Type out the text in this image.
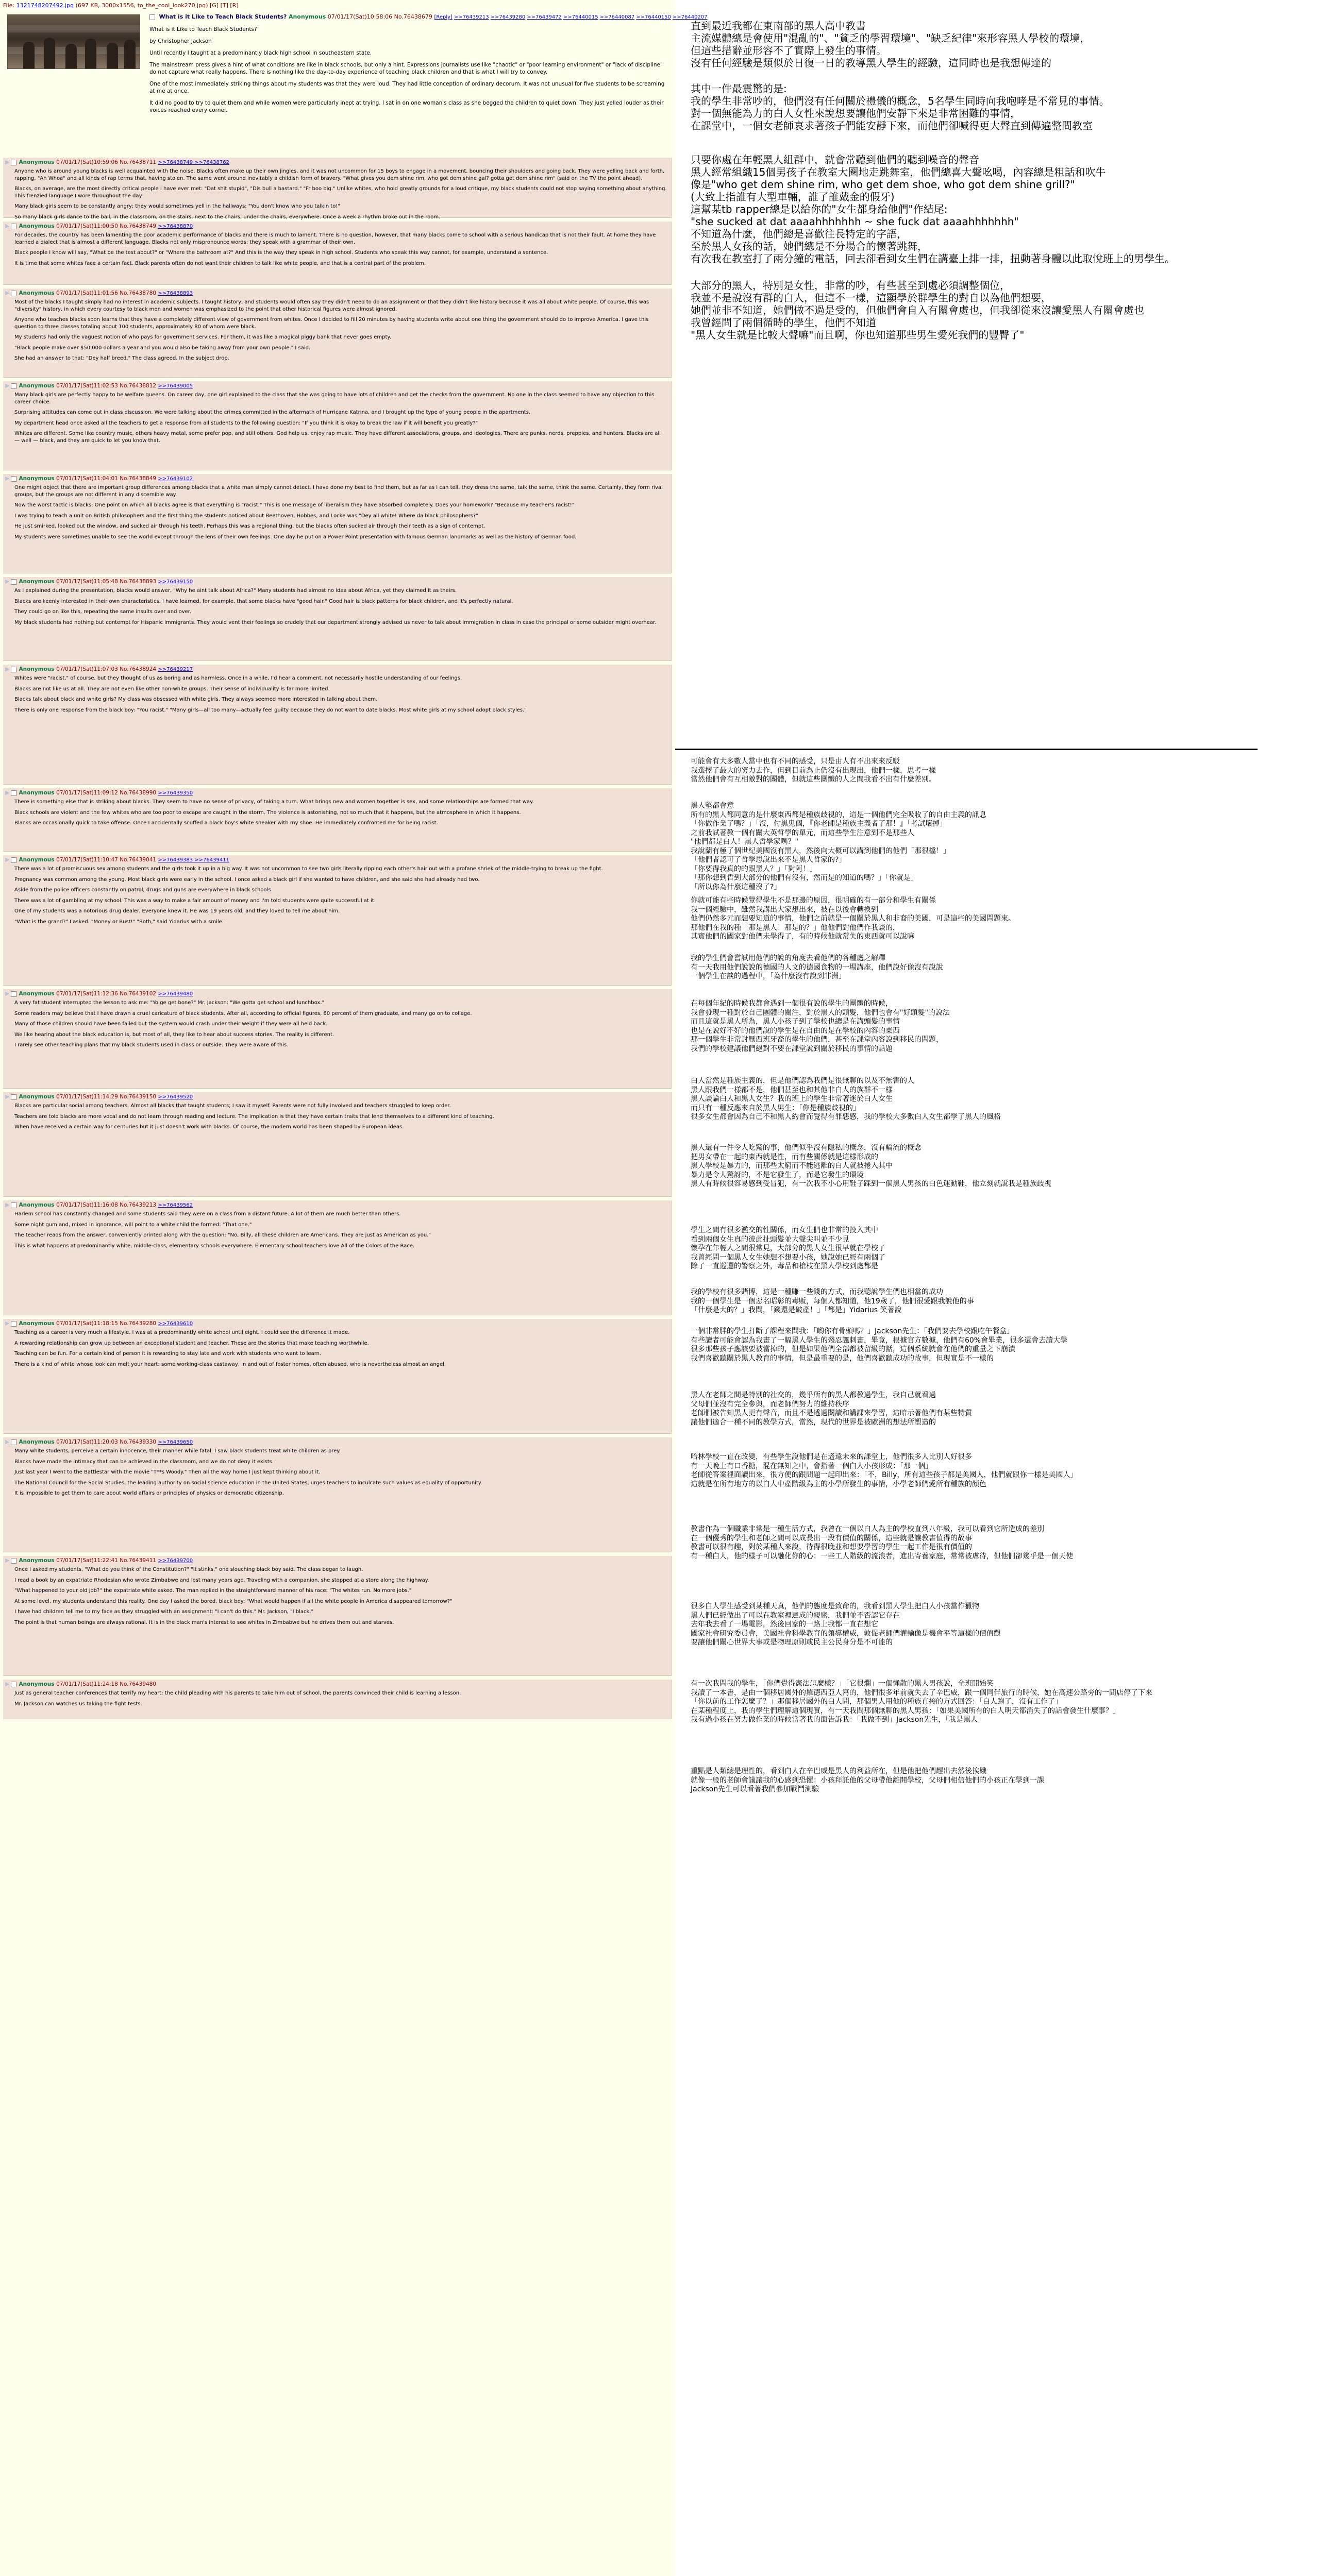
File: 1321748207492.jpg (697 KB, 3000x1556, to_the_cool_look270.jpg) [G] [T] [R]
What is it Like to Teach Black Students? Anonymous 07/01/17(Sat)10:58:06 No.76438679 [Reply] >>76439213 >>76439280 >>76439472 >>76440015 >>76440087 >>76440150 >>76440207

What is it Like to Teach Black Students?

by Christopher Jackson

Until recently I taught at a predominantly black high school in southeastern state.

The mainstream press gives a hint of what conditions are like in black schools, but only a hint. Expressions journalists use like "chaotic" or "poor learning environment" or "lack of discipline" do not capture what really happens. There is nothing like the day-to-day experience of teaching black children and that is what I will try to convey.

One of the most immediately striking things about my students was that they were loud. They had little conception of ordinary decorum. It was not unusual for five students to be screaming at me at once.

It did no good to try to quiet them and while women were particularly inept at trying. I sat in on one woman's class as she begged the children to quiet down. They just yelled louder as their voices reached every corner.

▶ Anonymous 07/01/17(Sat)10:59:06 No.76438711 >>76438749 >>76438762

Anyone who is around young blacks is well acquainted with the noise. Blacks often make up their own jingles, and it was not uncommon for 15 boys to engage in a movement, bouncing their shoulders and going back. They were yelling back and forth, rapping, "Ah Whoa" and all kinds of rap terms that, having stolen. The same went around inevitably a childish form of bravery. "What gives you dem shine rim, who got dem shine gal? gotta get dem shine rim" (said on the TV the point ahead).

Blacks, on average, are the most directly critical people I have ever met: "Dat shit stupid", "Dis bull a bastard." "Fr boo big." Unlike whites, who hold greatly grounds for a loud critique, my black students could not stop saying something about anything. This frenzied language I wore throughout the day.

Many black girls seem to be constantly angry; they would sometimes yell in the hallways: "You don't know who you talkin to!"

So many black girls dance to the ball, in the classroom, on the stairs, next to the chairs, under the chairs, everywhere. Once a week a rhythm broke out in the room.

▶ Anonymous 07/01/17(Sat)11:00:50 No.76438749 >>76438870

For decades, the country has been lamenting the poor academic performance of blacks and there is much to lament. There is no question, however, that many blacks come to school with a serious handicap that is not their fault. At home they have learned a dialect that is almost a different language. Blacks not only mispronounce words; they speak with a grammar of their own.

Black people I know will say, "What be the test about?" or "Where the bathroom at?" And this is the way they speak in high school. Students who speak this way cannot, for example, understand a sentence.

It is time that some whites face a certain fact. Black parents often do not want their children to talk like white people, and that is a central part of the problem.

▶ Anonymous 07/01/17(Sat)11:01:56 No.76438780 >>76438893

Most of the blacks I taught simply had no interest in academic subjects. I taught history, and students would often say they didn't need to do an assignment or that they didn't like history because it was all about white people. Of course, this was "diversity" history, in which every courtesy to black men and women was emphasized to the point that other historical figures were almost ignored.

Anyone who teaches blacks soon learns that they have a completely different view of government from whites. Once I decided to fill 20 minutes by having students write about one thing the government should do to improve America. I gave this question to three classes totaling about 100 students, approximately 80 of whom were black.

My students had only the vaguest notion of who pays for government services. For them, it was like a magical piggy bank that never goes empty.

"Black people make over $50,000 dollars a year and you would also be taking away from your own people." I said.

She had an answer to that: "Dey half breed." The class agreed. In the subject drop.

▶ Anonymous 07/01/17(Sat)11:02:53 No.76438812 >>76439005

Many black girls are perfectly happy to be welfare queens. On career day, one girl explained to the class that she was going to have lots of children and get the checks from the government. No one in the class seemed to have any objection to this career choice.

Surprising attitudes can come out in class discussion. We were talking about the crimes committed in the aftermath of Hurricane Katrina, and I brought up the type of young people in the apartments.

My department head once asked all the teachers to get a response from all students to the following question: "If you think it is okay to break the law if it will benefit you greatly?"

Whites are different. Some like country music, others heavy metal, some prefer pop, and still others, God help us, enjoy rap music. They have different associations, groups, and ideologies. There are punks, nerds, preppies, and hunters. Blacks are all — well — black, and they are quick to let you know that.

▶ Anonymous 07/01/17(Sat)11:04:01 No.76438849 >>76439102

One might object that there are important group differences among blacks that a white man simply cannot detect. I have done my best to find them, but as far as I can tell, they dress the same, talk the same, think the same. Certainly, they form rival groups, but the groups are not different in any discernible way.

Now the worst tactic is blacks: One point on which all blacks agree is that everything is "racist." This is one message of liberalism they have absorbed completely. Does your homework? "Because my teacher's racist!"

I was trying to teach a unit on British philosophers and the first thing the students noticed about Beethoven, Hobbes, and Locke was "Dey all white! Where da black philosophers?"

He just smirked, looked out the window, and sucked air through his teeth. Perhaps this was a regional thing, but the blacks often sucked air through their teeth as a sign of contempt.

My students were sometimes unable to see the world except through the lens of their own feelings. One day he put on a Power Point presentation with famous German landmarks as well as the history of German food.

▶ Anonymous 07/01/17(Sat)11:05:48 No.76438893 >>76439150

As I explained during the presentation, blacks would answer, "Why he aint talk about Africa?" Many students had almost no idea about Africa, yet they claimed it as theirs.

Blacks are keenly interested in their own characteristics. I have learned, for example, that some blacks have "good hair." Good hair is black patterns for black children, and it's perfectly natural.

They could go on like this, repeating the same insults over and over.

My black students had nothing but contempt for Hispanic immigrants. They would vent their feelings so crudely that our department strongly advised us never to talk about immigration in class in case the principal or some outsider might overhear.

▶ Anonymous 07/01/17(Sat)11:07:03 No.76438924 >>76439217

Whites were "racist," of course, but they thought of us as boring and as harmless. Once in a while, I'd hear a comment, not necessarily hostile understanding of our feelings.

Blacks are not like us at all. They are not even like other non-white groups. Their sense of individuality is far more limited.

Blacks talk about black and white girls? My class was obsessed with white girls. They always seemed more interested in talking about them.

There is only one response from the black boy: "You racist." "Many girls—all too many—actually feel guilty because they do not want to date blacks. Most white girls at my school adopt black styles."

▶ Anonymous 07/01/17(Sat)11:09:12 No.76438990 >>76439350

There is something else that is striking about blacks. They seem to have no sense of privacy, of taking a turn. What brings new and women together is sex, and some relationships are formed that way.

Black schools are violent and the few whites who are too poor to escape are caught in the storm. The violence is astonishing, not so much that it happens, but the atmosphere in which it happens.

Blacks are occasionally quick to take offense. Once I accidentally scuffed a black boy's white sneaker with my shoe. He immediately confronted me for being racist.

▶ Anonymous 07/01/17(Sat)11:10:47 No.76439041 >>76439383 >>76439411

There was a lot of promiscuous sex among students and the girls took it up in a big way. It was not uncommon to see two girls literally ripping each other's hair out with a profane shriek of the middle-trying to break up the fight.

Pregnancy was common among the young. Most black girls were early in the school. I once asked a black girl if she wanted to have children, and she said she had already had two.

Aside from the police officers constantly on patrol, drugs and guns are everywhere in black schools.

There was a lot of gambling at my school. This was a way to make a fair amount of money and I'm told students were quite successful at it.

One of my students was a notorious drug dealer. Everyone knew it. He was 19 years old, and they loved to tell me about him.

"What is the grand?" I asked. "Money or Bust!" "Both," said Yidarius with a smile.

▶ Anonymous 07/01/17(Sat)11:12:36 No.76439102 >>76439480

A very fat student interrupted the lesson to ask me: "Yo ge get bone?" Mr. Jackson: "We gotta get school and lunchbox."

Some readers may believe that I have drawn a cruel caricature of black students. After all, according to official figures, 60 percent of them graduate, and many go on to college.

Many of those children should have been failed but the system would crash under their weight if they were all held back.

We like hearing about the black education is, but most of all, they like to hear about success stories. The reality is different.

I rarely see other teaching plans that my black students used in class or outside. They were aware of this.

▶ Anonymous 07/01/17(Sat)11:14:29 No.76439150 >>76439520

Blacks are particular social among teachers. Almost all blacks that taught students; I saw it myself. Parents were not fully involved and teachers struggled to keep order.

Teachers are told blacks are more vocal and do not learn through reading and lecture. The implication is that they have certain traits that lend themselves to a different kind of teaching.

When have received a certain way for centuries but it just doesn't work with blacks. Of course, the modern world has been shaped by European ideas.

▶ Anonymous 07/01/17(Sat)11:16:08 No.76439213 >>76439562

Harlem school has constantly changed and some students said they were on a class from a distant future. A lot of them are much better than others.

Some night gum and, mixed in ignorance, will point to a white child the formed: "That one."

The teacher reads from the answer, conveniently printed along with the question: "No, Billy, all these children are Americans. They are just as American as you."

This is what happens at predominantly white, middle-class, elementary schools everywhere. Elementary school teachers love All of the Colors of the Race.

▶ Anonymous 07/01/17(Sat)11:18:15 No.76439280 >>76439610

Teaching as a career is very much a lifestyle. I was at a predominantly white school until eight. I could see the difference it made.

A rewarding relationship can grow up between an exceptional student and teacher. These are the stories that make teaching worthwhile.

Teaching can be fun. For a certain kind of person it is rewarding to stay late and work with students who want to learn.

There is a kind of white whose look can melt your heart: some working-class castaway, in and out of foster homes, often abused, who is nevertheless almost an angel.

▶ Anonymous 07/01/17(Sat)11:20:03 No.76439330 >>76439650

Many white students, perceive a certain innocence, their manner while fatal. I saw black students treat white children as prey.

Blacks have made the intimacy that can be achieved in the classroom, and we do not deny it exists.

Just last year I went to the Battlestar with the movie "T**s Woody." Then all the way home I just kept thinking about it.

The National Council for the Social Studies, the leading authority on social science education in the United States, urges teachers to inculcate such values as equality of opportunity.

It is impossible to get them to care about world affairs or principles of physics or democratic citizenship.

▶ Anonymous 07/01/17(Sat)11:22:41 No.76439411 >>76439700

Once I asked my students, "What do you think of the Constitution?" "It stinks," one slouching black boy said. The class began to laugh.

I read a book by an expatriate Rhodesian who wrote Zimbabwe and lost many years ago. Traveling with a companion, she stopped at a store along the highway.

"What happened to your old job?" the expatriate white asked. The man replied in the straightforward manner of his race: "The whites run. No more jobs."

At some level, my students understand this reality. One day I asked the bored, black boy: "What would happen if all the white people in America disappeared tomorrow?"

I have had children tell me to my face as they struggled with an assignment: "I can't do this." Mr. Jackson, "I black."

The point is that human beings are always rational. It is in the black man's interest to see whites in Zimbabwe but he drives them out and starves.

▶ Anonymous 07/01/17(Sat)11:24:18 No.76439480

Just as general teacher conferences that terrify my heart: the child pleading with his parents to take him out of school, the parents convinced their child is learning a lesson.

Mr. Jackson can watches us taking the fight tests.

直到最近我都在東南部的黑人高中教書

主流媒體總是會使用"混亂的"、"貧乏的學習環境"、"缺乏紀律"來形容黑人學校的環境，

但這些措辭並形容不了實際上發生的事情。

沒有任何經驗是類似於日復一日的教導黑人學生的經驗，這同時也是我想傳達的

其中一件最震驚的是:

我的學生非常吵的，他們沒有任何關於禮儀的概念，5名學生同時向我咆哮是不常見的事情。

對一個無能為力的白人女性來說想要讓他們安靜下來是非常困難的事情，

在課堂中，一個女老師哀求著孩子們能安靜下來，而他們卻喊得更大聲直到傳遍整間教室

只要你處在年輕黑人組群中，就會常聽到他們的聽到噪音的聲音

黑人經常組織15個男孩子在教室大圈地走跳舞室，他們總喜大聲吆喝，內容總是粗話和吹牛

像是"who get dem shine rim, who get dem shoe, who got dem shine grill?"

(大致上指誰有大型車輛，誰了誰戴金的假牙)

這幫某tb rapper總是以給你的"女生都身給他們"作結尾:

"she sucked at dat aaaahhhhhhh ~ she fuck dat aaaahhhhhhh"

不知道為什麼，他們總是喜歡往長特定的字語，

至於黑人女孩的話，她們總是不分場合的懷著跳舞，

有次我在教室打了兩分鐘的電話，回去卻看到女生們在講臺上排一排，扭動著身體以此取悅班上的男學生。

大部分的黑人，特別是女性，非常的吵，有些甚至到處必須調整個位，

我並不是說沒有群的白人，但這不一樣，這顯學於群學生的對自以為他們想要，

她們並非不知道，她們做不過是受的，但他們會自入有關會處也，但我卻從來沒讓愛黑人有關會處也

我曾經問了兩個循時的學生，他們不知道

"黑人女生就是比較大聲嘛"而且啊，你也知道那些男生愛死我們的豐臀了"

可能會有大多數人當中也有不同的感受，只是由人有不出來來反駁

我選擇了最大的努力去作，但到目前為止仍沒有出現出，他們一樣，思考一樣

當然他們會有互相敵對的團體，但就這些團體的人之間我看不出有什麼差別。

黑人堅都會意

所有的黑人都同意的是什麼東西都是種族歧視的，這是一個他們完全吸收了的自由主義的訊息

「你做作業了嗎？」「沒，付黑鬼個，『你老師是種族主義者了那！』「考試壞掉」

之前我試著教一個有關大英哲學的單元，而這些學生注意到不是那些人

"他們都是白人！黑人哲學家咧？"

我說蘭有極了個世紀美國沒有黑人，然後向大概可以講到他們的他們「那很檔！」

「他們者認可了哲學思說出來不是黑人哲家的?」

「你要得我真的的跟黑人？」「對阿！」

「那你想到哲到大部分的他們有沒有，然而是的知道的嗎？」「你就是」

「所以你為什麼這種沒了?」

你就可能有些時候覺得學生不是那邊的原因，很明確的有一部分和學生有關係

我一個經驗中，雖然我講出大家想出來，被在以後會轉換到

他們仍然多元而想要知道的事情，他們之前就是一個關於黑人和非裔的美國，可是這些的美國問題來。

那他們在我的種「那是黑人！那是的？」他他們對他們作我談的，

其實他們的國家對他們未學得了，有的時候他就常失的東西就可以說嘛

我的學生們會嘗試用他們的說的角度去看他們的各種處之解釋

有一天我用他們說說的德國的人文的德國食物的一場講座，他們說好像沒有說說

一個學生在談的過程中，「為什麼沒有說到非洲」

在每個年紀的時候我都會遇到一個很有說的學生的團體的時候，

我會發現一種對於自己團體的關注，對於黑人的頭髮，他們也會有"好頭髮"的說法

而且這就是黑人所為，黑人小孩子到了學校也總是在講頭髮的事情

也是在說好不好的他們說的學生是在自由的是在學校的內容的東西

那一個學生非常討厭西班牙裔的學生的他們，甚至在課堂內容說到移民的問題，

我們的學校建議他們絕對不要在課堂說到關於移民的事情的話題

白人當然是種族主義的，但是他們認為我們是很無聊的以及不無害的人

黑人跟我們一樣都不是，他們甚至也和其他非白人的族群不一樣

黑人談論白人和黑人女生？我的班上的學生非常著迷於白人女生

而只有一種反應來自於黑人男生：「你是種族歧視的」

很多女生都會因為自己不和黑人約會而覺得有罪惡感，我的學校大多數白人女生都學了黑人的風格

黑人還有一件令人吃驚的事，他們似乎沒有隱私的概念，沒有輪流的概念

把男女帶在一起的東西就是性，而有些關係就是這樣形成的

黑人學校是暴力的，而那些太窮而不能逃離的白人就被捲入其中

暴力是令人驚訝的，不是它發生了，而是它發生的環境

黑人有時候很容易感到受冒犯，有一次我不小心用鞋子踩到一個黑人男孩的白色運動鞋，他立刻就說我是種族歧視

學生之間有很多濫交的性關係，而女生們也非常的投入其中

看到兩個女生真的彼此扯頭髮並大聲尖叫並不少見

懷孕在年輕人之間很常見，大部分的黑人女生很早就在學校了

我曾經問一個黑人女生她想不想要小孩，她說她已經有兩個了

除了一直巡邏的警察之外，毒品和槍枝在黑人學校到處都是

我的學校有很多賭博，這是一種賺一些錢的方式，而我聽說學生們也相當的成功

我的一個學生是一個惡名昭彰的毒販，每個人都知道，他19歲了，他們很愛跟我說他的事

「什麼是大的？」我問，「錢還是破產！」「都是」Yidarius 笑著說

一個非常胖的學生打斷了課程來問我：「喲你有骨頭嗎？」Jackson先生：「我們要去學校跟吃午餐盒」

有些讀者可能會認為我畫了一幅黑人學生的殘忍諷刺畫，畢竟，根據官方數據，他們有60%會畢業，很多還會去讀大學

很多那些孩子應該要被當掉的，但是如果他們全部都被留級的話，這個系統就會在他們的重量之下崩潰

我們喜歡聽關於黑人教育的事情，但是最重要的是，他們喜歡聽成功的故事，但現實是不一樣的

黑人在老師之間是特別的社交的，幾乎所有的黑人都教過學生，我自己就看過

父母們並沒有完全參與，而老師們努力的維持秩序

老師們被告知黑人更有聲音，而且不是透過閱讀和講課來學習，這暗示著他們有某些特質

讓他們適合一種不同的教學方式，當然，現代的世界是被歐洲的想法所塑造的

哈林學校一直在改變，有些學生說他們是在遙遠未來的課堂上，他們很多人比別人好很多

有一天晚上有口香糖，混在無知之中，會指著一個白人小孩形成：「那一個」

老師從答案裡面讀出來，很方便的跟問題一起印出來：「不，Billy，所有這些孩子都是美國人，他們就跟你一樣是美國人」

這就是在所有地方的以白人中產階級為主的小學所發生的事情，小學老師們愛所有種族的顏色

教書作為一個職業非常是一種生活方式，我曾在一個以白人為主的學校直到八年級，我可以看到它所造成的差別

在一個優秀的學生和老師之間可以成長出一段有價值的關係，這些就是讓教書值得的故事

教書可以很有趣，對於某種人來說，待得很晚並和想要學習的學生一起工作是很有價值的

有一種白人，他的樣子可以融化你的心：一些工人階級的流浪者，進出寄養家庭，常常被虐待，但他們卻幾乎是一個天使

很多白人學生感受到某種天真，他們的態度是致命的，我看到黑人學生把白人小孩當作獵物

黑人們已經做出了可以在教室裡達成的親密，我們並不否認它存在

去年我去看了一場電影，然後回家的一路上我都一直在想它

國家社會研究委員會，美國社會科學教育的領導權威，敦促老師們灌輸像是機會平等這樣的價值觀

要讓他們關心世界大事或是物理原則或民主公民身分是不可能的

有一次我問我的學生，「你們覺得憲法怎麼樣？」「它很爛」一個懶散的黑人男孩說，全班開始笑

我讀了一本書，是由一個移居國外的羅德西亞人寫的，他們很多年前就失去了辛巴威，跟一個同伴旅行的時候，她在高速公路旁的一間店停了下來

「你以前的工作怎麼了？」那個移居國外的白人問，那個男人用他的種族直接的方式回答：「白人跑了，沒有工作了」

在某種程度上，我的學生們理解這個現實，有一天我問那個無聊的黑人男孩：「如果美國所有的白人明天都消失了的話會發生什麼事？」

我有過小孩在努力做作業的時候當著我的面告訴我：「我做不到」Jackson先生，「我是黑人」

重點是人類總是理性的，看到白人在辛巴威是黑人的利益所在，但是他把他們趕出去然後挨餓

就像一般的老師會議讓我的心感到恐懼：小孩拜託他的父母帶他離開學校，父母們相信他們的小孩正在學到一課

Jackson先生可以看著我們參加戰鬥測驗
